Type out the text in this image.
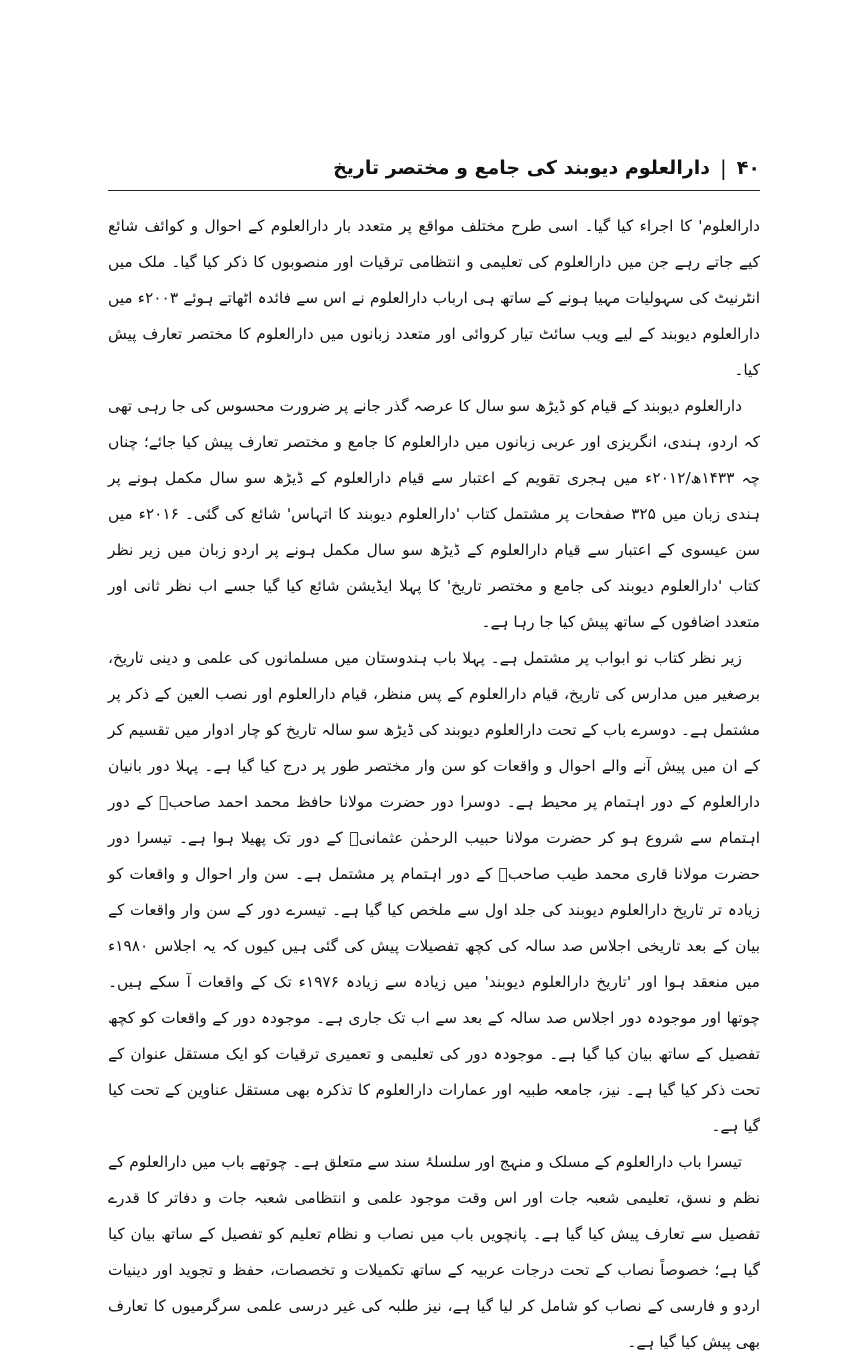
۴۰
|
دارالعلوم دیوبند کی جامع و مختصر تاریخ

دارالعلوم' کا اجراء کیا گیا۔ اسی طرح مختلف مواقع پر متعدد بار دارالعلوم کے احوال و کوائف شائع کیے جاتے رہے جن میں دارالعلوم کی تعلیمی و انتظامی ترقیات اور منصوبوں کا ذکر کیا گیا۔ ملک میں انٹرنیٹ کی سہولیات مہیا ہونے کے ساتھ ہی ارباب دارالعلوم نے اس سے فائدہ اٹھاتے ہوئے ۲۰۰۳ء میں دارالعلوم دیوبند کے لیے ویب سائٹ تیار کروائی اور متعدد زبانوں میں دارالعلوم کا مختصر تعارف پیش کیا۔

دارالعلوم دیوبند کے قیام کو ڈیڑھ سو سال کا عرصہ گذر جانے پر ضرورت محسوس کی جا رہی تھی کہ اردو، ہندی، انگریزی اور عربی زبانوں میں دارالعلوم کا جامع و مختصر تعارف پیش کیا جائے؛ چناں چہ ۱۴۳۳ھ/۲۰۱۲ء میں ہجری تقویم کے اعتبار سے قیام دارالعلوم کے ڈیڑھ سو سال مکمل ہونے پر ہندی زبان میں ۳۲۵ صفحات پر مشتمل کتاب 'دارالعلوم دیوبند کا اتہاس' شائع کی گئی۔ ۲۰۱۶ء میں سن عیسوی کے اعتبار سے قیام دارالعلوم کے ڈیڑھ سو سال مکمل ہونے پر اردو زبان میں زیر نظر کتاب 'دارالعلوم دیوبند کی جامع و مختصر تاریخ' کا پہلا ایڈیشن شائع کیا گیا جسے اب نظر ثانی اور متعدد اضافوں کے ساتھ پیش کیا جا رہا ہے۔

زیر نظر کتاب نو ابواب پر مشتمل ہے۔ پہلا باب ہندوستان میں مسلمانوں کی علمی و دینی تاریخ، برصغیر میں مدارس کی تاریخ، قیام دارالعلوم کے پس منظر، قیام دارالعلوم اور نصب العین کے ذکر پر مشتمل ہے۔ دوسرے باب کے تحت دارالعلوم دیوبند کی ڈیڑھ سو سالہ تاریخ کو چار ادوار میں تقسیم کر کے ان میں پیش آنے والے احوال و واقعات کو سن وار مختصر طور پر درج کیا گیا ہے۔ پہلا دور بانیان دارالعلوم کے دور اہتمام پر محیط ہے۔ دوسرا دور حضرت مولانا حافظ محمد احمد صاحبؒ کے دور اہتمام سے شروع ہو کر حضرت مولانا حبیب الرحمٰن عثمانیؒ کے دور تک پھیلا ہوا ہے۔ تیسرا دور حضرت مولانا قاری محمد طیب صاحبؒ کے دور اہتمام پر مشتمل ہے۔ سن وار احوال و واقعات کو زیادہ تر تاریخ دارالعلوم دیوبند کی جلد اول سے ملخص کیا گیا ہے۔ تیسرے دور کے سن وار واقعات کے بیان کے بعد تاریخی اجلاس صد سالہ کی کچھ تفصیلات پیش کی گئی ہیں کیوں کہ یہ اجلاس ۱۹۸۰ء میں منعقد ہوا اور 'تاریخ دارالعلوم دیوبند' میں زیادہ سے زیادہ ۱۹۷۶ء تک کے واقعات آ سکے ہیں۔ چوتھا اور موجودہ دور اجلاس صد سالہ کے بعد سے اب تک جاری ہے۔ موجودہ دور کے واقعات کو کچھ تفصیل کے ساتھ بیان کیا گیا ہے۔ موجودہ دور کی تعلیمی و تعمیری ترقیات کو ایک مستقل عنوان کے تحت ذکر کیا گیا ہے۔ نیز، جامعہ طبیہ اور عمارات دارالعلوم کا تذکرہ بھی مستقل عناوین کے تحت کیا گیا ہے۔

تیسرا باب دارالعلوم کے مسلک و منہج اور سلسلۂ سند سے متعلق ہے۔ چوتھے باب میں دارالعلوم کے نظم و نسق، تعلیمی شعبہ جات اور اس وقت موجود علمی و انتظامی شعبہ جات و دفاتر کا قدرے تفصیل سے تعارف پیش کیا گیا ہے۔ پانچویں باب میں نصاب و نظام تعلیم کو تفصیل کے ساتھ بیان کیا گیا ہے؛ خصوصاً نصاب کے تحت درجات عربیہ کے ساتھ تکمیلات و تخصصات، حفظ و تجوید اور دینیات اردو و فارسی کے نصاب کو شامل کر لیا گیا ہے، نیز طلبہ کی غیر درسی علمی سرگرمیوں کا تعارف بھی پیش کیا گیا ہے۔
